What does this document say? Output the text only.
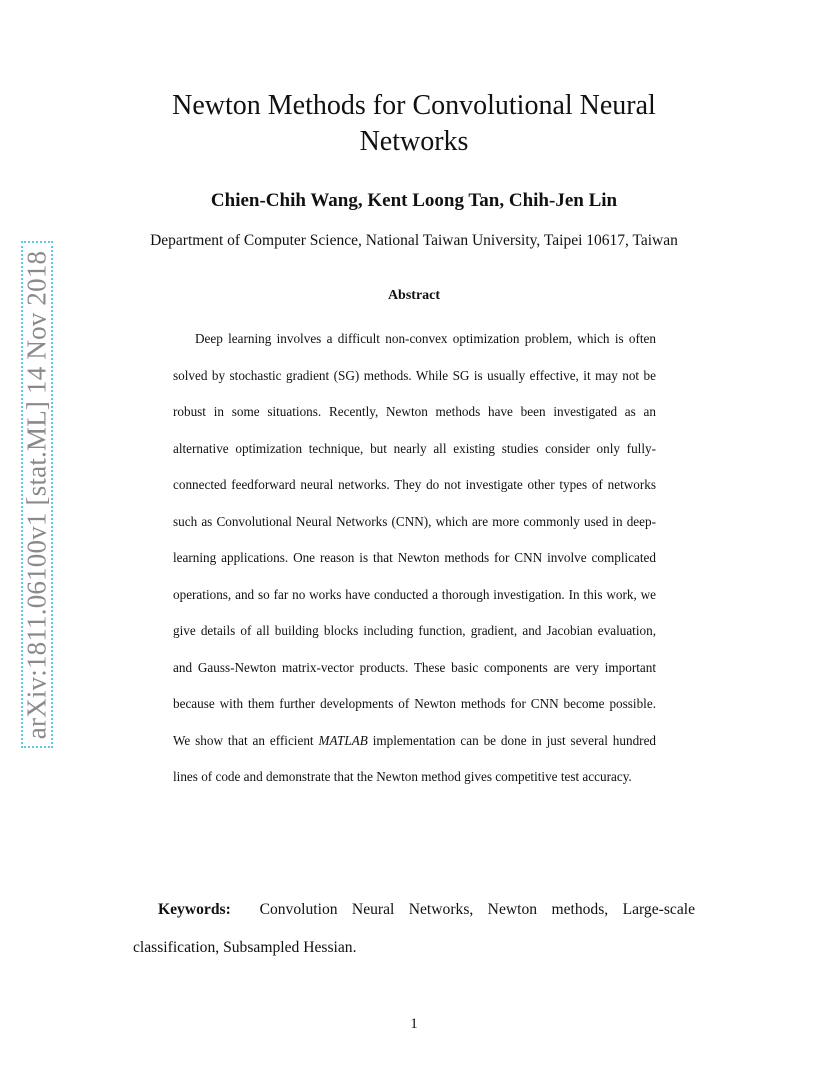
arXiv:1811.06100v1 [stat.ML] 14 Nov 2018
Newton Methods for Convolutional Neural
Networks
Chien-Chih Wang, Kent Loong Tan, Chih-Jen Lin
Department of Computer Science, National Taiwan University, Taipei 10617, Taiwan
Abstract

Deep learning involves a difficult non-convex optimization problem, which is often solved by stochastic gradient (SG) methods. While SG is usually effective, it may not be robust in some situations. Recently, Newton methods have been investigated as an alternative optimization technique, but nearly all existing studies consider only fully-connected feedforward neural networks. They do not investigate other types of networks such as Convolutional Neural Networks (CNN), which are more commonly used in deep-learning applications. One reason is that Newton methods for CNN involve complicated operations, and so far no works have conducted a thorough investigation. In this work, we give details of all building blocks including function, gradient, and Jacobian evaluation, and Gauss-Newton matrix-vector products. These basic components are very important because with them further developments of Newton methods for CNN become possible. We show that an efficient MATLAB implementation can be done in just several hundred lines of code and demonstrate that the Newton method gives competitive test accuracy.

Keywords: Convolution Neural Networks, Newton methods, Large-scale classification, Subsampled Hessian.

1
